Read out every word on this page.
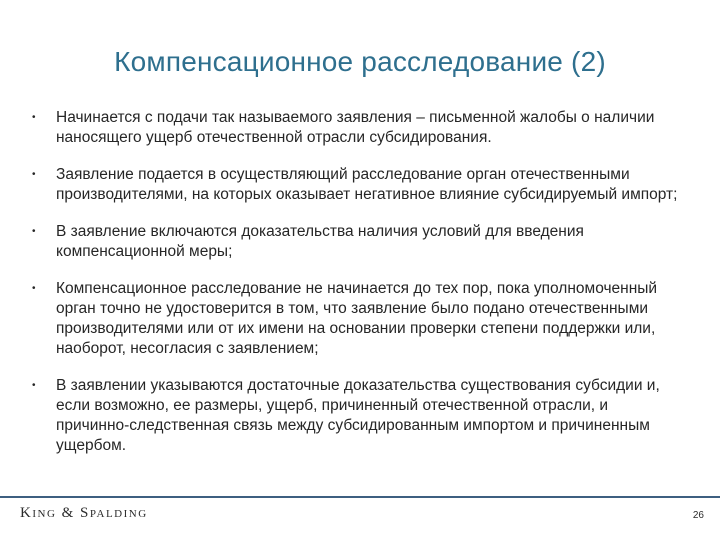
Компенсационное расследование (2)
• Начинается с подачи так называемого заявления – письменной жалобы о наличии наносящего ущерб отечественной отрасли субсидирования.
• Заявление подается в осуществляющий расследование орган отечественными производителями, на которых оказывает негативное влияние субсидируемый импорт;
• В заявление включаются доказательства наличия условий для введения компенсационной меры;
• Компенсационное расследование не начинается до тех пор, пока уполномоченный орган точно не удостоверится в том, что заявление было подано отечественными производителями или от их имени на основании проверки степени поддержки или, наоборот, несогласия с заявлением;
• В заявлении указываются достаточные доказательства существования субсидии и, если возможно, ее размеры, ущерб, причиненный отечественной отрасли, и причинно-следственная связь между субсидированным импортом и причиненным ущербом.
King & Spalding	26
